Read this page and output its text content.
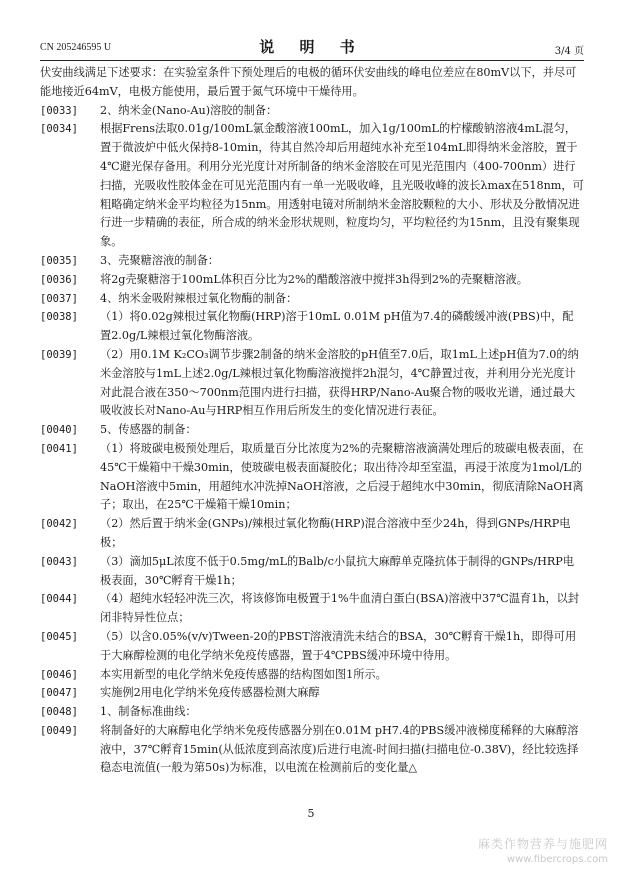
CN 205246595 U	说 明 书	3/4 页
伏安曲线满足下述要求：在实验室条件下预处理后的电极的循环伏安曲线的峰电位差应在80mV以下，并尽可能地接近64mV，电极方能使用，最后置于氮气环境中干燥待用。
[0033] 2、纳米金(Nano-Au)溶胶的制备：
[0034] 根据Frens法取0.01g/100mL氯金酸溶液100mL，加入1g/100mL的柠檬酸钠溶液4mL混匀，置于微波炉中低火保持8-10min，待其自然冷却后用超纯水补充至104mL即得纳米金溶胶，置于4℃避光保存备用。利用分光光度计对所制备的纳米金溶胶在可见光范围内（400-700nm）进行扫描，光吸收性胶体金在可见光范围内有一单一光吸收峰，且光吸收峰的波长λmax在518nm，可粗略确定纳米金平均粒径为15nm。用透射电镜对所制纳米金溶胶颗粒的大小、形状及分散情况进行进一步精确的表征，所合成的纳米金形状规则，粒度均匀，平均粒径约为15nm，且没有聚集现象。
[0035] 3、壳聚糖溶液的制备：
[0036] 将2g壳聚糖溶于100mL体积百分比为2%的醋酸溶液中搅拌3h得到2%的壳聚糖溶液。
[0037] 4、纳米金吸附辣根过氧化物酶的制备：
[0038] （1）将0.02g辣根过氧化物酶(HRP)溶于10mL 0.01M pH值为7.4的磷酸缓冲液(PBS)中，配置2.0g/L辣根过氧化物酶溶液。
[0039] （2）用0.1M K₂CO₃调节步骤2制备的纳米金溶胶的pH值至7.0后，取1mL上述pH值为7.0的纳米金溶胶与1mL上述2.0g/L辣根过氧化物酶溶液搅拌2h混匀，4℃静置过夜，并利用分光光度计对此混合液在350～700nm范围内进行扫描，获得HRP/Nano-Au聚合物的吸收光谱，通过最大吸收波长对Nano-Au与HRP相互作用后所发生的变化情况进行表征。
[0040] 5、传感器的制备：
[0041] （1）将玻碳电极预处理后，取质量百分比浓度为2%的壳聚糖溶液滴满处理后的玻碳电极表面，在45℃干燥箱中干燥30min，使玻碳电极表面凝胶化；取出待冷却至室温，再浸于浓度为1mol/L的NaOH溶液中5min，用超纯水冲洗掉NaOH溶液，之后浸于超纯水中30min，彻底清除NaOH离子；取出，在25℃干燥箱干燥10min；
[0042] （2）然后置于纳米金(GNPs)/辣根过氧化物酶(HRP)混合溶液中至少24h，得到GNPs/HRP电极；
[0043] （3）滴加5μL浓度不低于0.5mg/mL的Balb/c小鼠抗大麻醇单克隆抗体于制得的GNPs/HRP电极表面，30℃孵育干燥1h；
[0044] （4）超纯水轻轻冲洗三次，将该修饰电极置于1%牛血清白蛋白(BSA)溶液中37℃温育1h，以封闭非特异性位点；
[0045] （5）以含0.05%(v/v)Tween-20的PBST溶液清洗未结合的BSA，30℃孵育干燥1h，即得可用于大麻醇检测的电化学纳米免疫传感器，置于4℃PBS缓冲环境中待用。
[0046] 本实用新型的电化学纳米免疫传感器的结构图如图1所示。
[0047] 实施例2用电化学纳米免疫传感器检测大麻醇
[0048] 1、制备标准曲线：
[0049] 将制备好的大麻醇电化学纳米免疫传感器分别在0.01M pH7.4的PBS缓冲液梯度稀释的大麻醇溶液中，37℃孵育15min(从低浓度到高浓度)后进行电流-时间扫描(扫描电位-0.38V)，经比较选择稳态电流值(一般为第50s)为标准，以电流在检测前后的变化量△
5
麻类作物营养与施肥网
www.fibercrops.com
